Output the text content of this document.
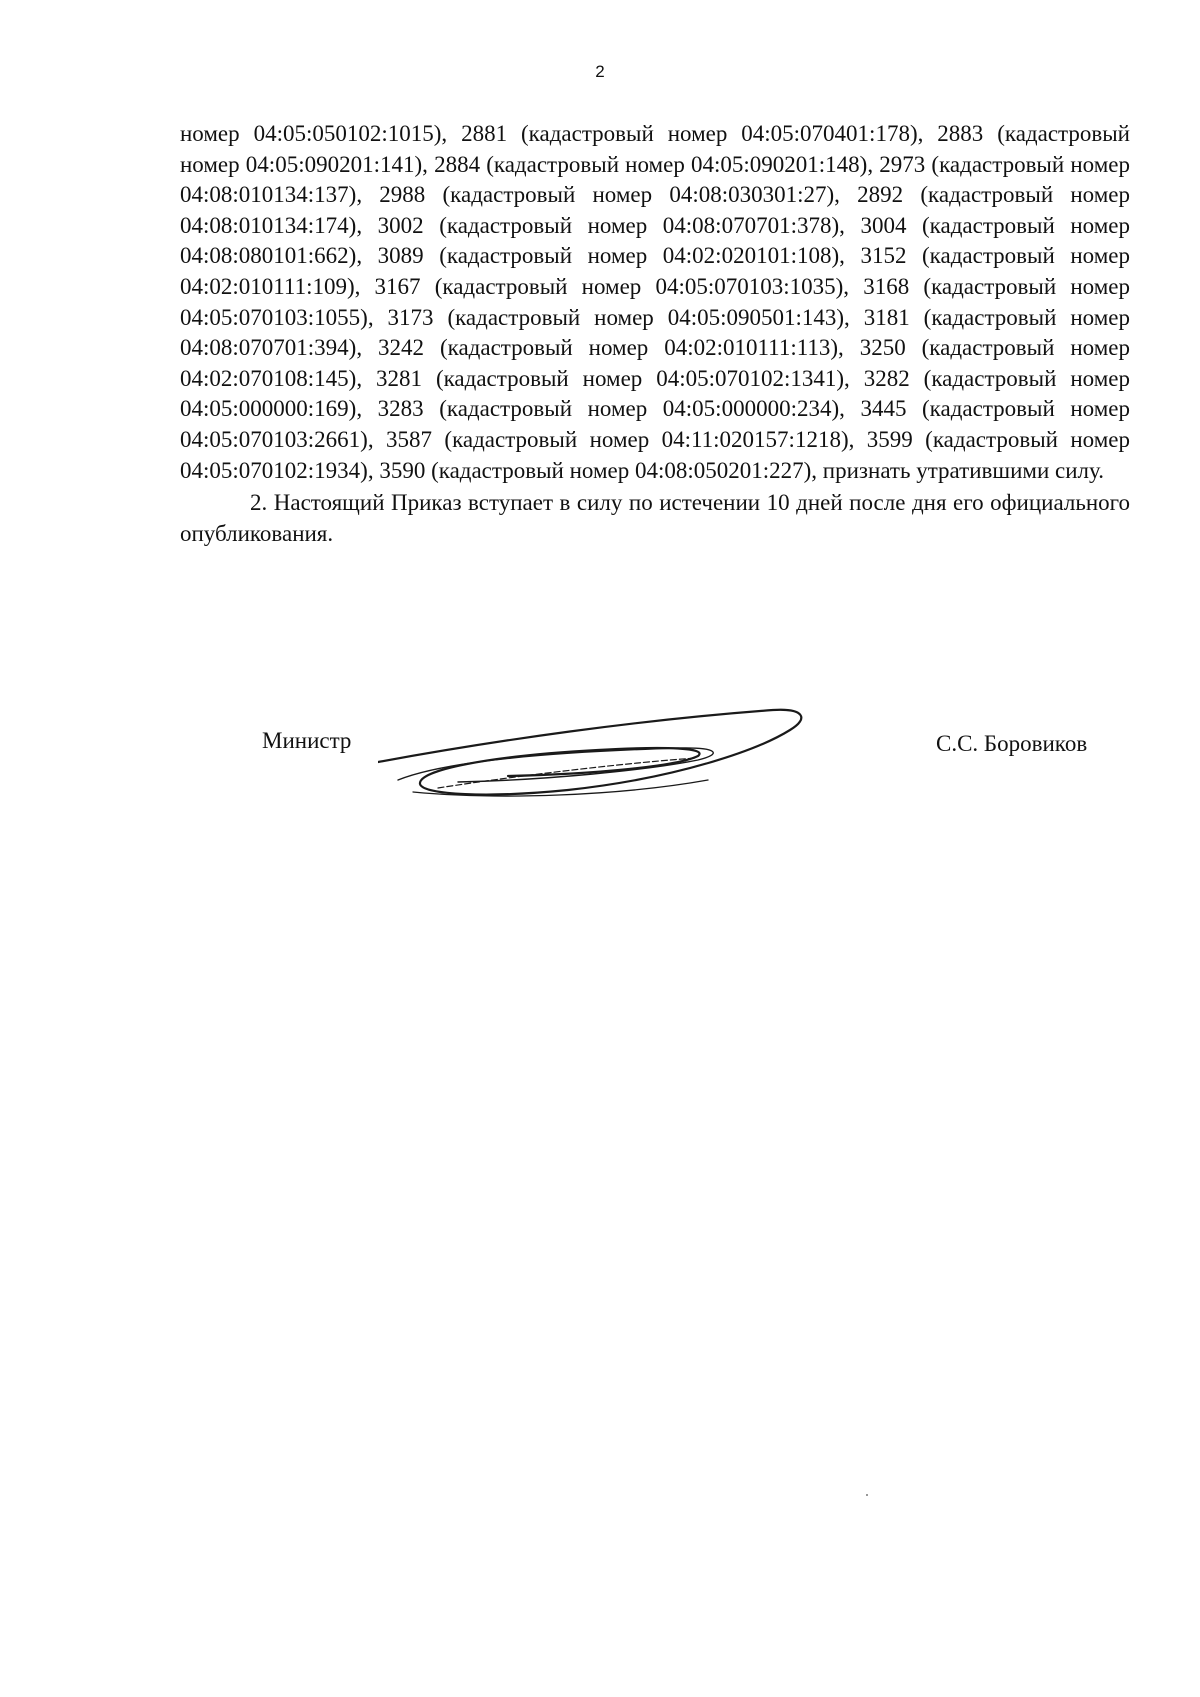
2

номер 04:05:050102:1015), 2881 (кадастровый номер 04:05:070401:178), 2883 (кадастровый номер 04:05:090201:141), 2884 (кадастровый номер 04:05:090201:148), 2973 (кадастровый номер 04:08:010134:137), 2988 (кадастровый номер 04:08:030301:27), 2892 (кадастровый номер 04:08:010134:174), 3002 (кадастровый номер 04:08:070701:378), 3004 (кадастровый номер 04:08:080101:662), 3089 (кадастровый номер 04:02:020101:108), 3152 (кадастровый номер 04:02:010111:109), 3167 (кадастровый номер 04:05:070103:1035), 3168 (кадастровый номер 04:05:070103:1055), 3173 (кадастровый номер 04:05:090501:143), 3181 (кадастровый номер 04:08:070701:394), 3242 (кадастровый номер 04:02:010111:113), 3250 (кадастровый номер 04:02:070108:145), 3281 (кадастровый номер 04:05:070102:1341), 3282 (кадастровый номер 04:05:000000:169), 3283 (кадастровый номер 04:05:000000:234), 3445 (кадастровый номер 04:05:070103:2661), 3587 (кадастровый номер 04:11:020157:1218), 3599 (кадастровый номер 04:05:070102:1934), 3590 (кадастровый номер 04:08:050201:227), признать утратившими силу.

2. Настоящий Приказ вступает в силу по истечении 10 дней после дня его официального опубликования.

Министр	С.С. Боровиков
